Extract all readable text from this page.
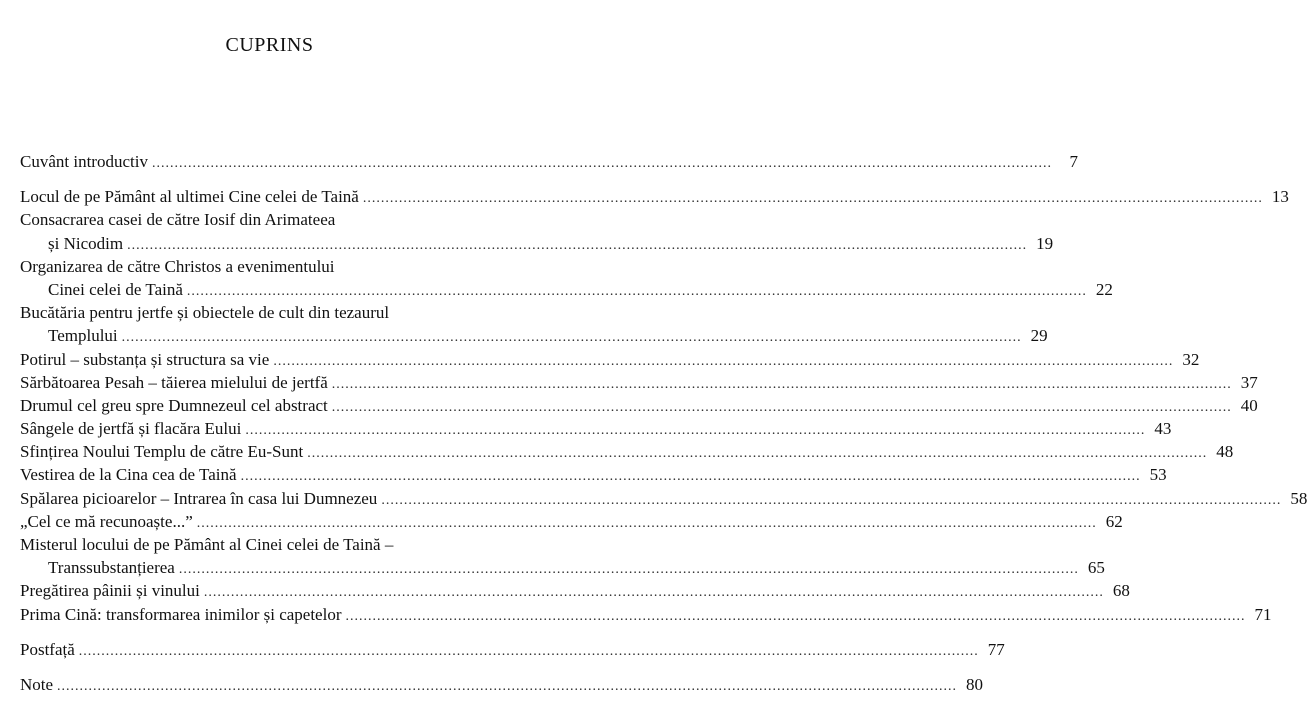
CUPRINS
Cuvânt introductiv ........................................................................................................................................................................................................	7
Locul de pe Pământ al ultimei Cine celei de Taină ........................................................................................................................................................................................................ 13
Consacrarea casei de către Iosif din Arimateea
și Nicodim ........................................................................................................................................................................................................ 19
Organizarea de către Christos a evenimentului
Cinei celei de Taină ........................................................................................................................................................................................................ 22
Bucătăria pentru jertfe și obiectele de cult din tezaurul
Templului ........................................................................................................................................................................................................ 29
Potirul – substanța și structura sa vie ........................................................................................................................................................................................................ 32
Sărbătoarea Pesah – tăierea mielului de jertfă ........................................................................................................................................................................................................ 37
Drumul cel greu spre Dumnezeul cel abstract ........................................................................................................................................................................................................ 40
Sângele de jertfă și flacăra Eului ........................................................................................................................................................................................................ 43
Sfințirea Noului Templu de către Eu-Sunt ........................................................................................................................................................................................................ 48
Vestirea de la Cina cea de Taină ........................................................................................................................................................................................................ 53
Spălarea picioarelor – Intrarea în casa lui Dumnezeu ........................................................................................................................................................................................................ 58
„Cel ce mă recunoaște...” ........................................................................................................................................................................................................ 62
Misterul locului de pe Pământ al Cinei celei de Taină –
Transsubstanțierea ........................................................................................................................................................................................................ 65
Pregătirea pâinii și vinului ........................................................................................................................................................................................................ 68
Prima Cină: transformarea inimilor și capetelor ........................................................................................................................................................................................................ 71
Postfață ........................................................................................................................................................................................................ 77
Note ........................................................................................................................................................................................................ 80
